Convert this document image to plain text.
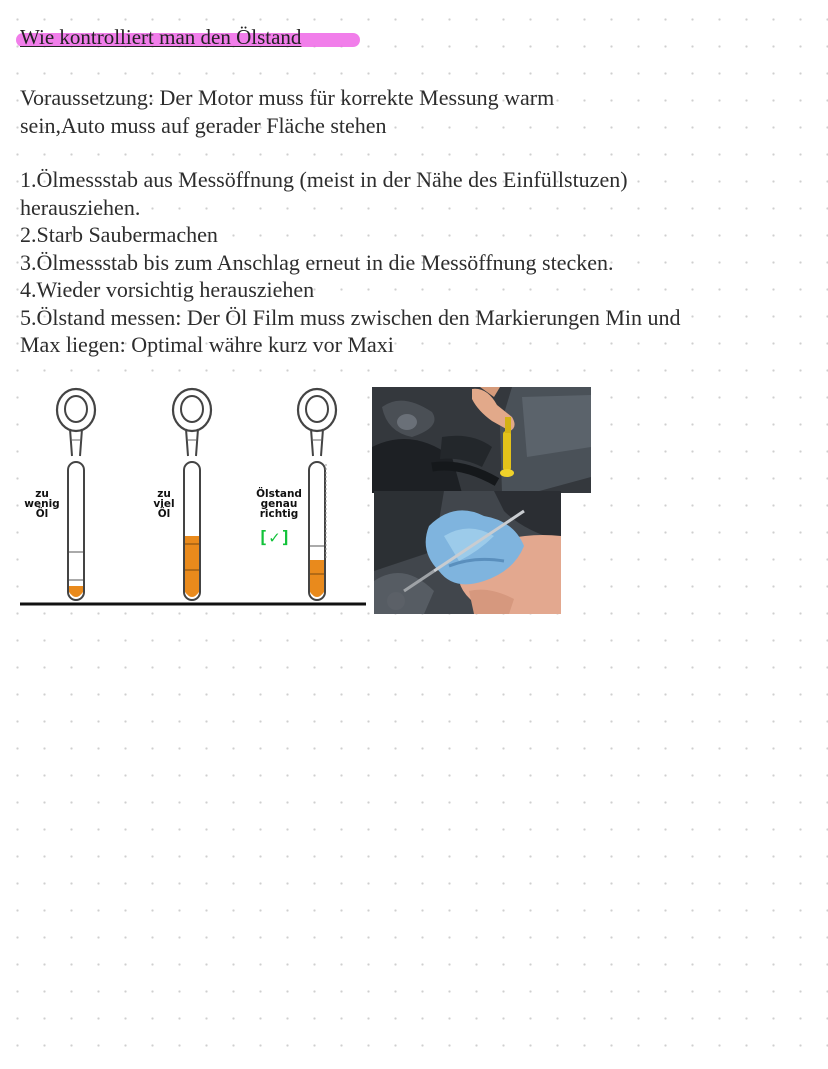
Wie kontrolliert man den Ölstand

Voraussetzung: Der Motor muss für korrekte Messung warm sein,Auto muss auf gerader Fläche stehen

1.Ölmessstab aus Messöffnung (meist in der Nähe des Einfüllstuzen) herausziehen.

2.Starb Saubermachen

3.Ölmessstab bis zum Anschlag erneut in die Messöffnung stecken.

4.Wieder vorsichtig herausziehen

5.Ölstand messen: Der Öl Film muss zwischen den Markierungen Min und Max liegen: Optimal währe kurz vor Maxi

zu
wenig
Öl
zu
viel
Öl
Ölstand
genau
richtig
[✓]
